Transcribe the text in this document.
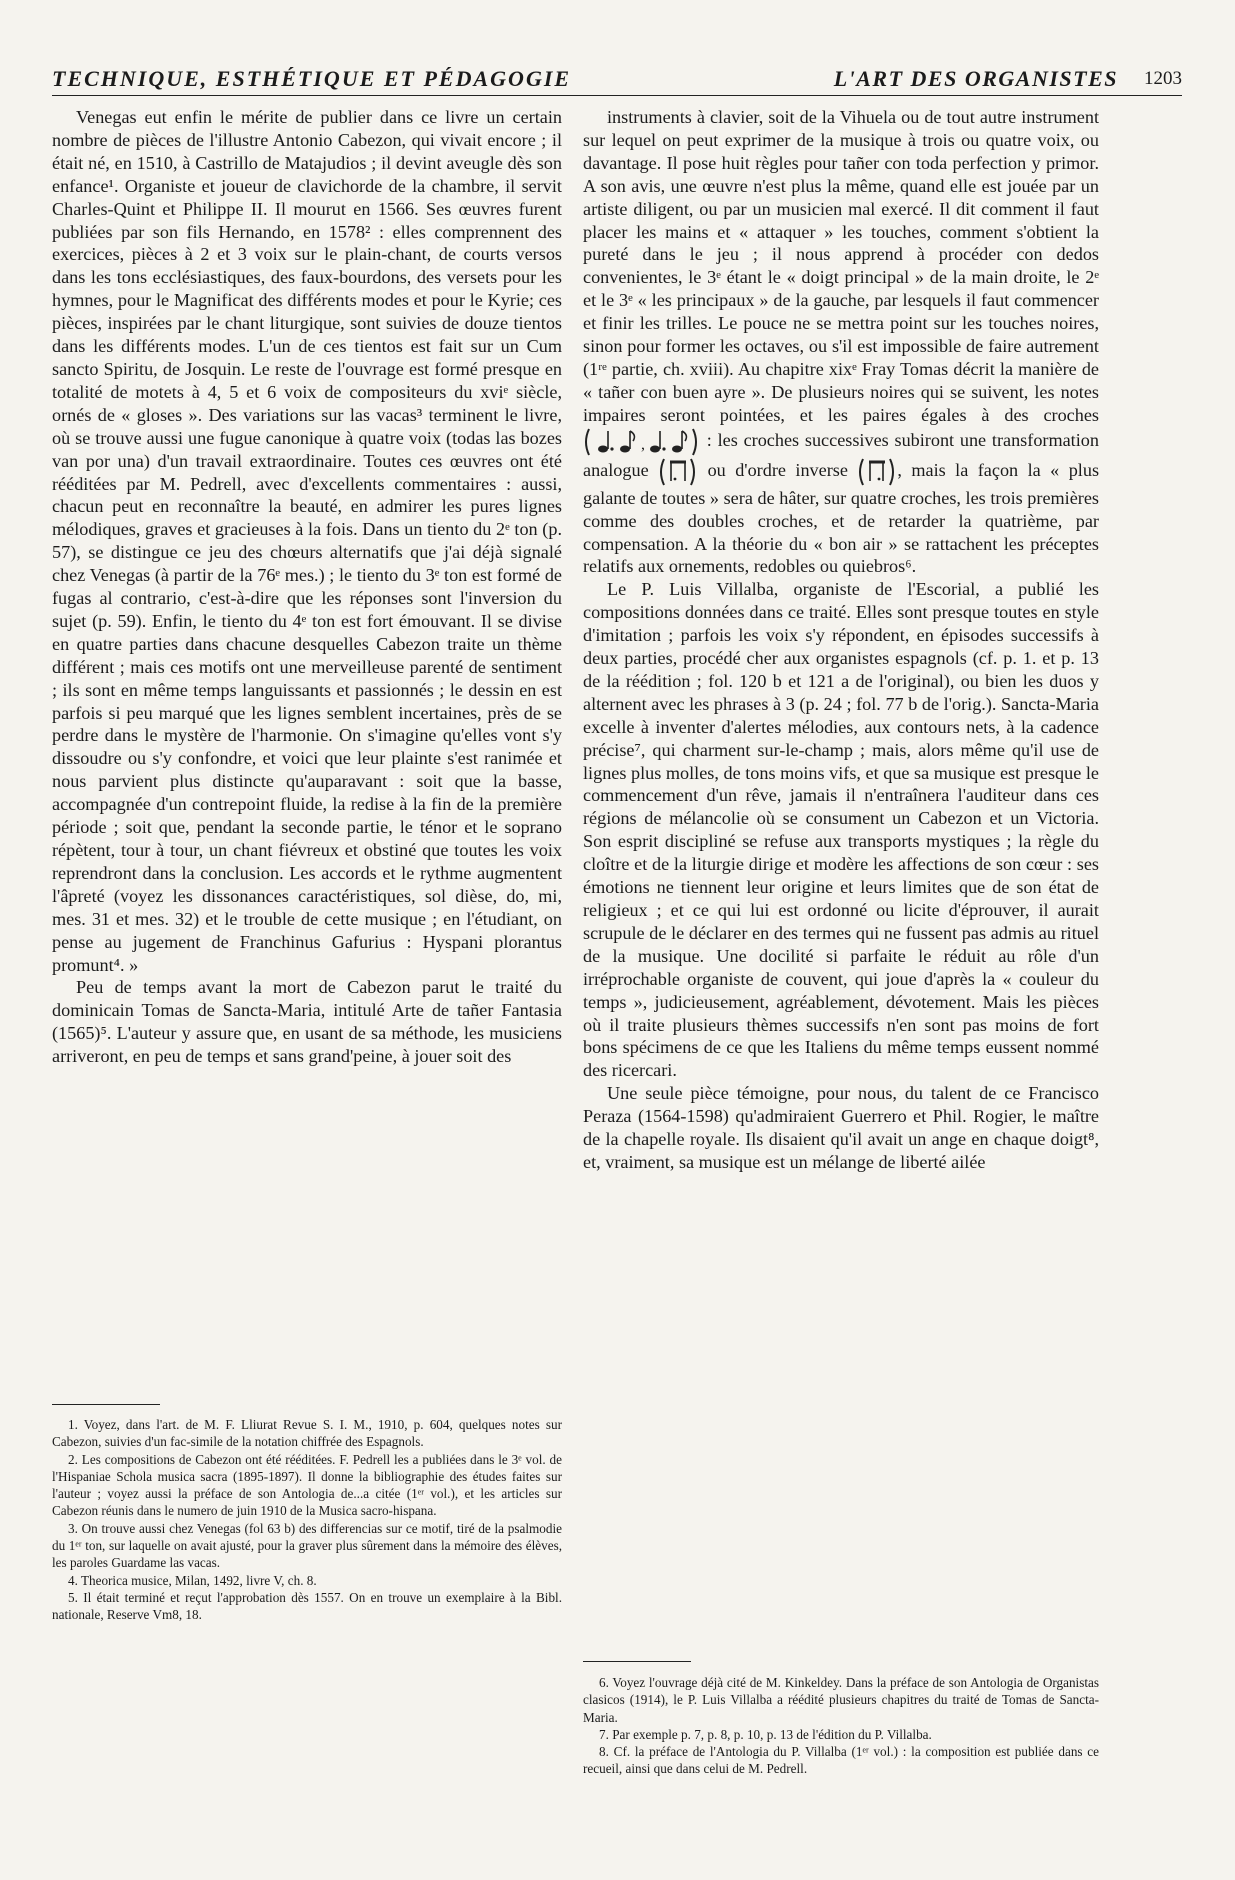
TECHNIQUE, ESTHÉTIQUE ET PÉDAGOGIE	L'ART DES ORGANISTES 1203

Venegas eut enfin le mérite de publier dans ce livre un certain nombre de pièces de l'illustre Antonio Cabezon, qui vivait encore ; il était né, en 1510, à Castrillo de Matajudios ; il devint aveugle dès son enfance¹. Organiste et joueur de clavichorde de la chambre, il servit Charles-Quint et Philippe II. Il mourut en 1566. Ses œuvres furent publiées par son fils Hernando, en 1578² : elles comprennent des exercices, pièces à 2 et 3 voix sur le plain-chant, de courts versos dans les tons ecclésiastiques, des faux-bourdons, des versets pour les hymnes, pour le Magnificat des différents modes et pour le Kyrie; ces pièces, inspirées par le chant liturgique, sont suivies de douze tientos dans les différents modes. L'un de ces tientos est fait sur un Cum sancto Spiritu, de Josquin. Le reste de l'ouvrage est formé presque en totalité de motets à 4, 5 et 6 voix de compositeurs du xviᵉ siècle, ornés de « gloses ». Des variations sur las vacas³ terminent le livre, où se trouve aussi une fugue canonique à quatre voix (todas las bozes van por una) d'un travail extraordinaire. Toutes ces œuvres ont été rééditées par M. Pedrell, avec d'excellents commentaires : aussi, chacun peut en reconnaître la beauté, en admirer les pures lignes mélodiques, graves et gracieuses à la fois. Dans un tiento du 2ᵉ ton (p. 57), se distingue ce jeu des chœurs alternatifs que j'ai déjà signalé chez Venegas (à partir de la 76ᵉ mes.) ; le tiento du 3ᵉ ton est formé de fugas al contrario, c'est-à-dire que les réponses sont l'inversion du sujet (p. 59). Enfin, le tiento du 4ᵉ ton est fort émouvant. Il se divise en quatre parties dans chacune desquelles Cabezon traite un thème différent ; mais ces motifs ont une merveilleuse parenté de sentiment ; ils sont en même temps languissants et passionnés ; le dessin en est parfois si peu marqué que les lignes semblent incertaines, près de se perdre dans le mystère de l'harmonie. On s'imagine qu'elles vont s'y dissoudre ou s'y confondre, et voici que leur plainte s'est ranimée et nous parvient plus distincte qu'auparavant : soit que la basse, accompagnée d'un contrepoint fluide, la redise à la fin de la première période ; soit que, pendant la seconde partie, le ténor et le soprano répètent, tour à tour, un chant fiévreux et obstiné que toutes les voix reprendront dans la conclusion. Les accords et le rythme augmentent l'âpreté (voyez les dissonances caractéristiques, sol dièse, do, mi, mes. 31 et mes. 32) et le trouble de cette musique ; en l'étudiant, on pense au jugement de Franchinus Gafurius : Hyspani plorantus promunt⁴. »

Peu de temps avant la mort de Cabezon parut le traité du dominicain Tomas de Sancta-Maria, intitulé Arte de tañer Fantasia (1565)⁵. L'auteur y assure que, en usant de sa méthode, les musiciens arriveront, en peu de temps et sans grand'peine, à jouer soit des

instruments à clavier, soit de la Vihuela ou de tout autre instrument sur lequel on peut exprimer de la musique à trois ou quatre voix, ou davantage. Il pose huit règles pour tañer con toda perfection y primor. A son avis, une œuvre n'est plus la même, quand elle est jouée par un artiste diligent, ou par un musicien mal exercé. Il dit comment il faut placer les mains et « attaquer » les touches, comment s'obtient la pureté dans le jeu ; il nous apprend à procéder con dedos convenientes, le 3ᵉ étant le « doigt principal » de la main droite, le 2ᵉ et le 3ᵉ « les principaux » de la gauche, par lesquels il faut commencer et finir les trilles. Le pouce ne se mettra point sur les touches noires, sinon pour former les octaves, ou s'il est impossible de faire autrement (1ʳᵉ partie, ch. xviii). Au chapitre xixᵉ Fray Tomas décrit la manière de « tañer con buen ayre ». De plusieurs noires qui se suivent, les notes impaires seront pointées, et les paires égales à des croches
,	: les croches successives subiront une transformation analogue	ou d'ordre inverse	, mais la façon la « plus galante de toutes » sera de hâter, sur quatre croches, les trois premières comme des doubles croches, et de retarder la quatrième, par compensation. A la théorie du « bon air » se rattachent les préceptes relatifs aux ornements, redobles ou quiebros⁶.

Le P. Luis Villalba, organiste de l'Escorial, a publié les compositions données dans ce traité. Elles sont presque toutes en style d'imitation ; parfois les voix s'y répondent, en épisodes successifs à deux parties, procédé cher aux organistes espagnols (cf. p. 1. et p. 13 de la réédition ; fol. 120 b et 121 a de l'original), ou bien les duos y alternent avec les phrases à 3 (p. 24 ; fol. 77 b de l'orig.). Sancta-Maria excelle à inventer d'alertes mélodies, aux contours nets, à la cadence précise⁷, qui charment sur-le-champ ; mais, alors même qu'il use de lignes plus molles, de tons moins vifs, et que sa musique est presque le commencement d'un rêve, jamais il n'entraînera l'auditeur dans ces régions de mélancolie où se consument un Cabezon et un Victoria. Son esprit discipliné se refuse aux transports mystiques ; la règle du cloître et de la liturgie dirige et modère les affections de son cœur : ses émotions ne tiennent leur origine et leurs limites que de son état de religieux ; et ce qui lui est ordonné ou licite d'éprouver, il aurait scrupule de le déclarer en des termes qui ne fussent pas admis au rituel de la musique. Une docilité si parfaite le réduit au rôle d'un irréprochable organiste de couvent, qui joue d'après la « couleur du temps », judicieusement, agréablement, dévotement. Mais les pièces où il traite plusieurs thèmes successifs n'en sont pas moins de fort bons spécimens de ce que les Italiens du même temps eussent nommé des ricercari.

Une seule pièce témoigne, pour nous, du talent de ce Francisco Peraza (1564-1598) qu'admiraient Guerrero et Phil. Rogier, le maître de la chapelle royale. Ils disaient qu'il avait un ange en chaque doigt⁸, et, vraiment, sa musique est un mélange de liberté ailée

1. Voyez, dans l'art. de M. F. Lliurat Revue S. I. M., 1910, p. 604, quelques notes sur Cabezon, suivies d'un fac-simile de la notation chiffrée des Espagnols.

2. Les compositions de Cabezon ont été rééditées. F. Pedrell les a publiées dans le 3ᵉ vol. de l'Hispaniae Schola musica sacra (1895-1897). Il donne la bibliographie des études faites sur l'auteur ; voyez aussi la préface de son Antologia de...a citée (1ᵉʳ vol.), et les articles sur Cabezon réunis dans le numero de juin 1910 de la Musica sacro-hispana.

3. On trouve aussi chez Venegas (fol 63 b) des differencias sur ce motif, tiré de la psalmodie du 1ᵉʳ ton, sur laquelle on avait ajusté, pour la graver plus sûrement dans la mémoire des élèves, les paroles Guardame las vacas.

4. Theorica musice, Milan, 1492, livre V, ch. 8.

5. Il était terminé et reçut l'approbation dès 1557. On en trouve un exemplaire à la Bibl. nationale, Reserve Vm8, 18.

6. Voyez l'ouvrage déjà cité de M. Kinkeldey. Dans la préface de son Antologia de Organistas clasicos (1914), le P. Luis Villalba a réédité plusieurs chapitres du traité de Tomas de Sancta-Maria.

7. Par exemple p. 7, p. 8, p. 10, p. 13 de l'édition du P. Villalba.

8. Cf. la préface de l'Antologia du P. Villalba (1ᵉʳ vol.) : la composition est publiée dans ce recueil, ainsi que dans celui de M. Pedrell.
